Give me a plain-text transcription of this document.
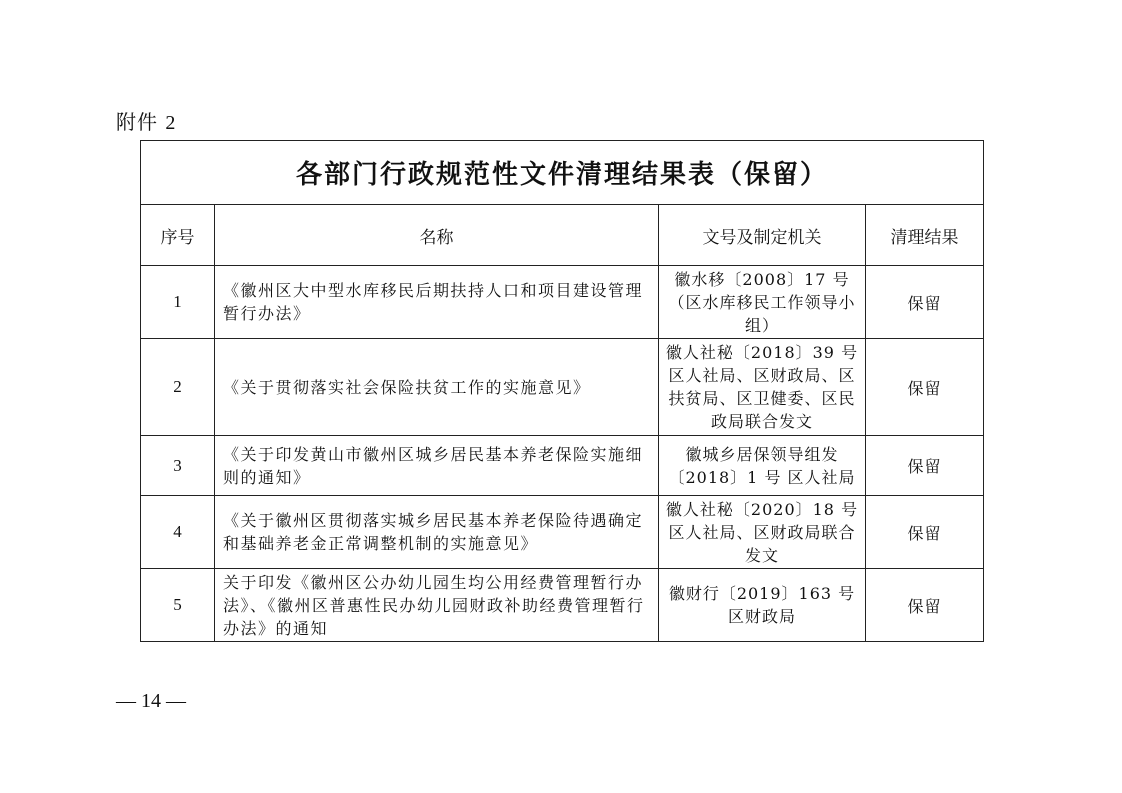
附件 2
各部门行政规范性文件清理结果表（保留）			
序号	名称	文号及制定机关	清理结果
1	《徽州区大中型水库移民后期扶持人口和项目建设管理暂行办法》	徽水移〔2008〕17 号（区水库移民工作领导小组）	保留
2	《关于贯彻落实社会保险扶贫工作的实施意见》	徽人社秘〔2018〕39 号区人社局、区财政局、区扶贫局、区卫健委、区民政局联合发文	保留
3	《关于印发黄山市徽州区城乡居民基本养老保险实施细则的通知》	徽城乡居保领导组发〔2018〕1 号 区人社局	保留
4	《关于徽州区贯彻落实城乡居民基本养老保险待遇确定和基础养老金正常调整机制的实施意见》	徽人社秘〔2020〕18 号区人社局、区财政局联合发文	保留
5	关于印发《徽州区公办幼儿园生均公用经费管理暂行办法》、《徽州区普惠性民办幼儿园财政补助经费管理暂行办法》的通知	徽财行〔2019〕163 号区财政局	保留
— 14 —
